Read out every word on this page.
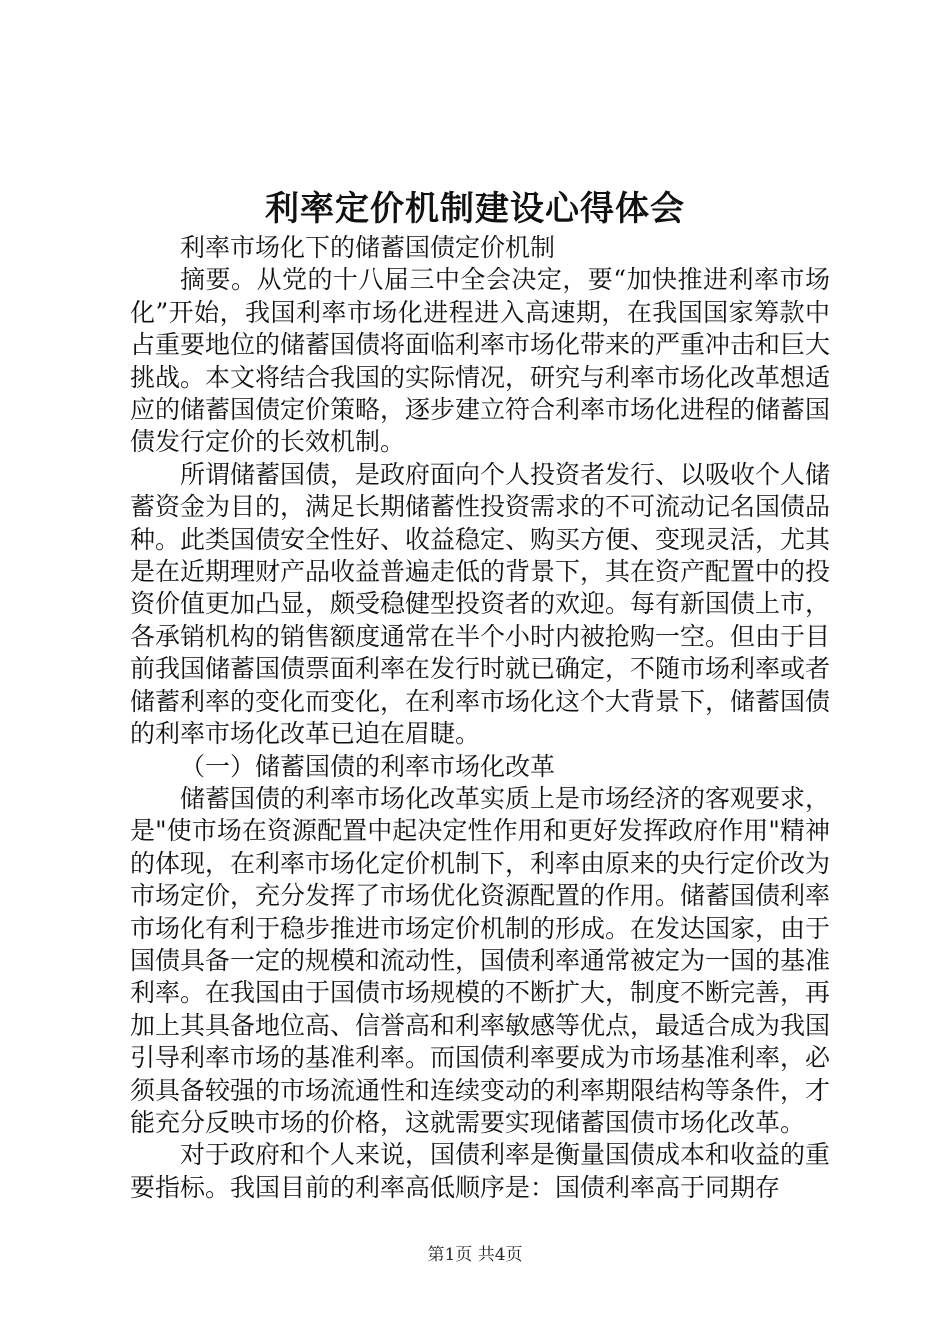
利率定价机制建设心得体会

利率市场化下的储蓄国债定价机制

摘要。从党的十八届三中全会决定，要“加快推进利率市场化”开始，我国利率市场化进程进入高速期，在我国国家筹款中占重要地位的储蓄国债将面临利率市场化带来的严重冲击和巨大挑战。本文将结合我国的实际情况，研究与利率市场化改革想适应的储蓄国债定价策略，逐步建立符合利率市场化进程的储蓄国债发行定价的长效机制。

所谓储蓄国债，是政府面向个人投资者发行、以吸收个人储蓄资金为目的，满足长期储蓄性投资需求的不可流动记名国债品种。此类国债安全性好、收益稳定、购买方便、变现灵活，尤其是在近期理财产品收益普遍走低的背景下，其在资产配置中的投资价值更加凸显，颇受稳健型投资者的欢迎。每有新国债上市，各承销机构的销售额度通常在半个小时内被抢购一空。但由于目前我国储蓄国债票面利率在发行时就已确定，不随市场利率或者储蓄利率的变化而变化，在利率市场化这个大背景下，储蓄国债的利率市场化改革已迫在眉睫。

（一）储蓄国债的利率市场化改革

储蓄国债的利率市场化改革实质上是市场经济的客观要求，是"使市场在资源配置中起决定性作用和更好发挥政府作用"精神的体现，在利率市场化定价机制下，利率由原来的央行定价改为市场定价，充分发挥了市场优化资源配置的作用。储蓄国债利率市场化有利于稳步推进市场定价机制的形成。在发达国家，由于国债具备一定的规模和流动性，国债利率通常被定为一国的基准利率。在我国由于国债市场规模的不断扩大，制度不断完善，再加上其具备地位高、信誉高和利率敏感等优点，最适合成为我国引导利率市场的基准利率。而国债利率要成为市场基准利率，必须具备较强的市场流通性和连续变动的利率期限结构等条件，才能充分反映市场的价格，这就需要实现储蓄国债市场化改革。

对于政府和个人来说，国债利率是衡量国债成本和收益的重要指标。我国目前的利率高低顺序是：国债利率高于同期存

第1页 共4页
